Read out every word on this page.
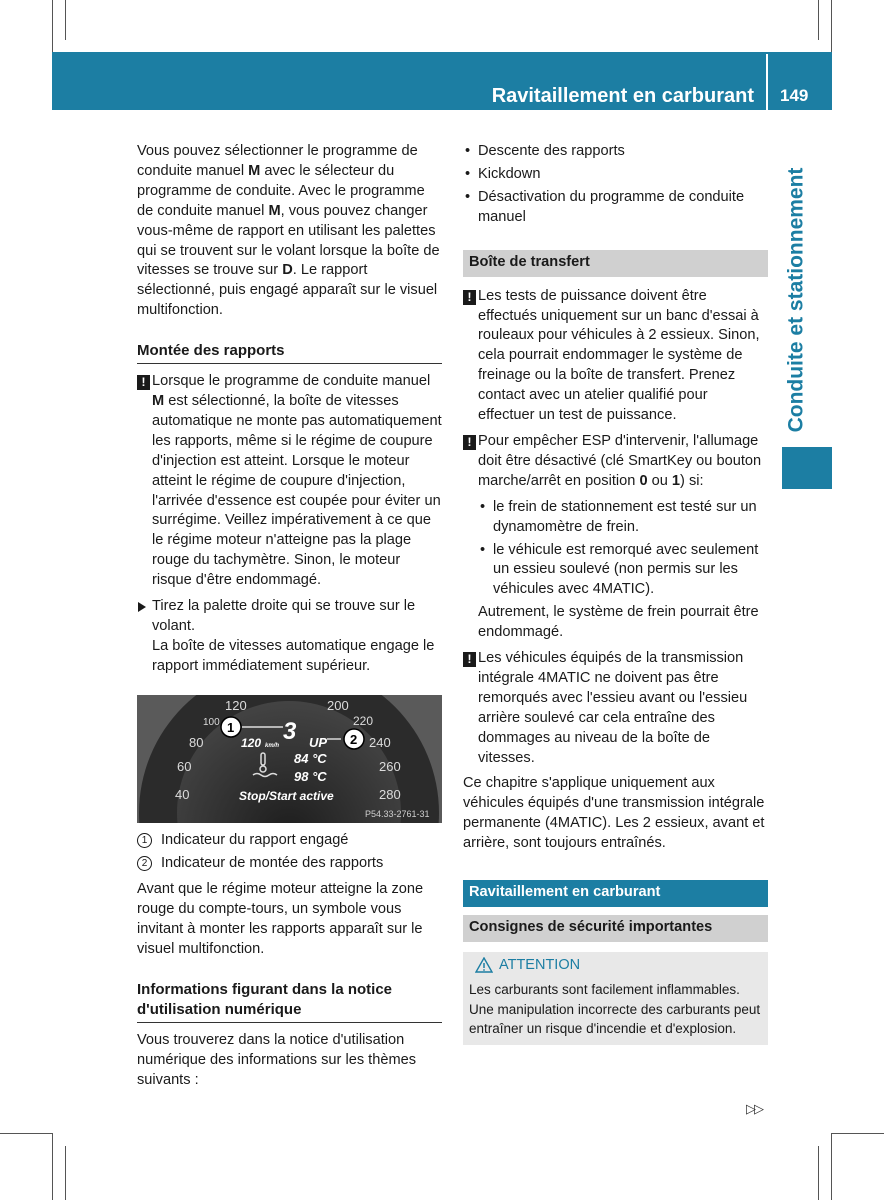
Ravitaillement en carburant 149
Conduite et stationnement

Vous pouvez sélectionner le programme de conduite manuel M avec le sélecteur du programme de conduite. Avec le programme de conduite manuel M, vous pouvez changer vous-même de rapport en utilisant les palettes qui se trouvent sur le volant lorsque la boîte de vitesses se trouve sur D. Le rapport sélectionné, puis engagé apparaît sur le visuel multifonction.

Montée des rapports
! Lorsque le programme de conduite manuel M est sélectionné, la boîte de vitesses automatique ne monte pas automatiquement les rapports, même si le régime de coupure d'injection est atteint. Lorsque le moteur atteint le régime de coupure d'injection, l'arrivée d'essence est coupée pour éviter un surrégime. Veillez impérativement à ce que le régime moteur n'atteigne pas la plage rouge du tachymètre. Sinon, le moteur risque d'être endommagé.

Tirez la palette droite qui se trouve sur le volant.

La boîte de vitesses automatique engage le rapport immédiatement supérieur.

120	200
100	220
80	240
60	260
40	280
3 UP
120 km/h
84 °C
98 °C
Stop/Start active
1
2
P54.33-2761-31
1 Indicateur du rapport engagé
2 Indicateur de montée des rapports

Avant que le régime moteur atteigne la zone rouge du compte-tours, un symbole vous invitant à monter les rapports apparaît sur le visuel multifonction.

Informations figurant dans la notice d'utilisation numérique

Vous trouverez dans la notice d'utilisation numérique des informations sur les thèmes suivants :

• Descente des rapports
• Kickdown
• Désactivation du programme de conduite manuel
Boîte de transfert
! Les tests de puissance doivent être effectués uniquement sur un banc d'essai à rouleaux pour véhicules à 2 essieux. Sinon, cela pourrait endommager le système de freinage ou la boîte de transfert. Prenez contact avec un atelier qualifié pour effectuer un test de puissance.
! Pour empêcher ESP d'intervenir, l'allumage doit être désactivé (clé SmartKey ou bouton marche/arrêt en position 0 ou 1) si:
• le frein de stationnement est testé sur un dynamomètre de frein.
• le véhicule est remorqué avec seulement un essieu soulevé (non permis sur les véhicules avec 4MATIC).

Autrement, le système de frein pourrait être endommagé.

! Les véhicules équipés de la transmission intégrale 4MATIC ne doivent pas être remorqués avec l'essieu avant ou l'essieu arrière soulevé car cela entraîne des dommages au niveau de la boîte de vitesses.

Ce chapitre s'applique uniquement aux véhicules équipés d'une transmission intégrale permanente (4MATIC). Les 2 essieux, avant et arrière, sont toujours entraînés.

Ravitaillement en carburant
Consignes de sécurité importantes
ATTENTION

Les carburants sont facilement inflammables. Une manipulation incorrecte des carburants peut entraîner un risque d'incendie et d'explosion.

▷▷
